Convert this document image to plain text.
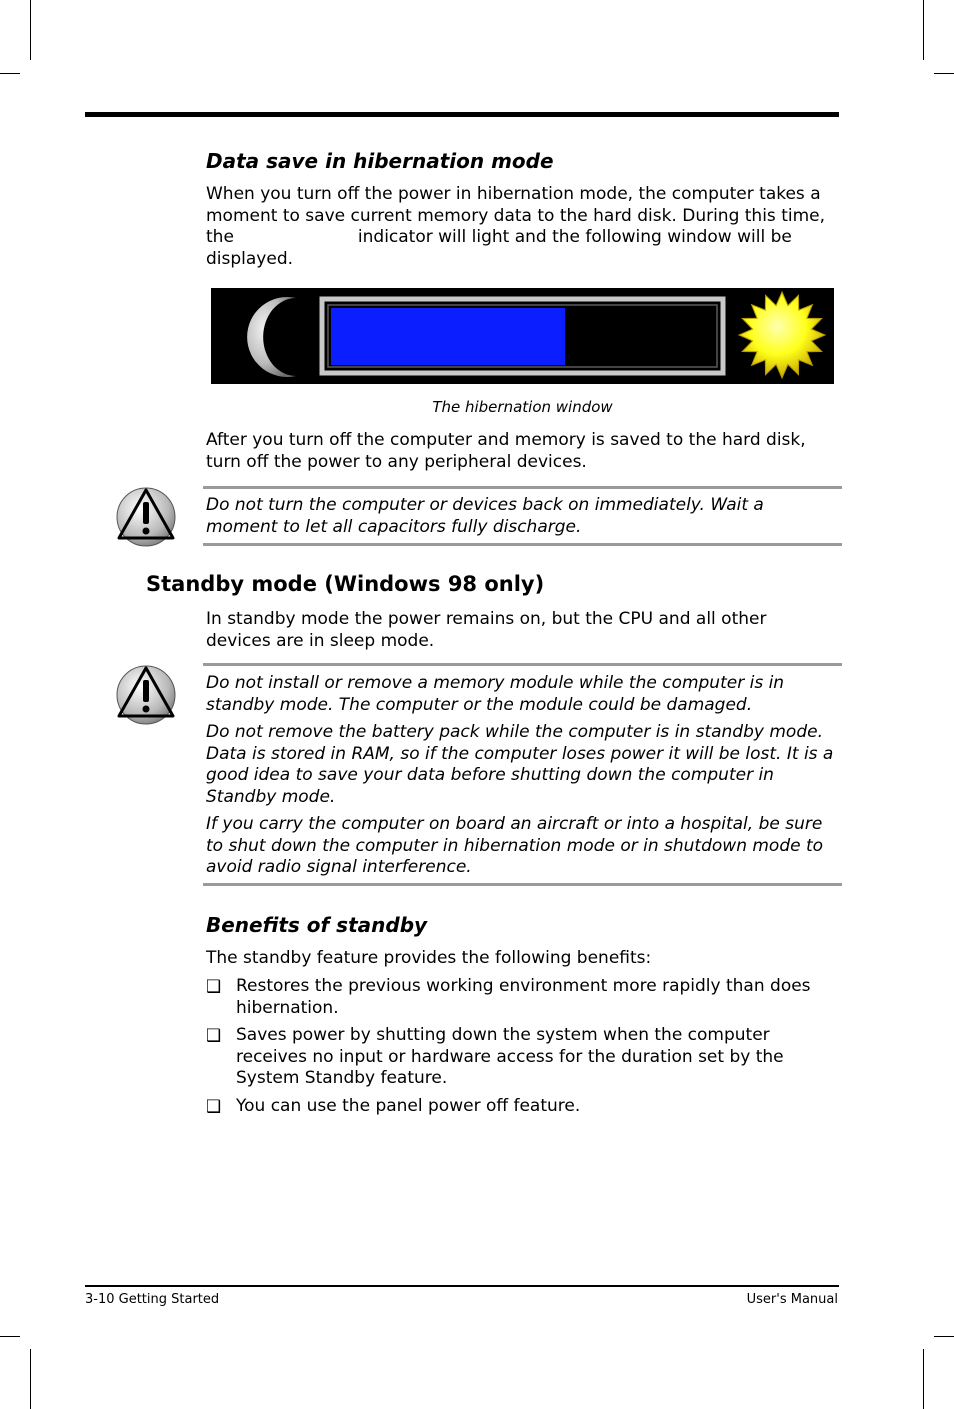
Data save in hibernation mode
When you turn off the power in hibernation mode, the computer takes a
moment to save current memory data to the hard disk. During this time,
the	indicator will light and the following window will be
displayed.
The hibernation window
After you turn off the computer and memory is saved to the hard disk, turn off the power to any peripheral devices.
Do not turn the computer or devices back on immediately. Wait a moment to let all capacitors fully discharge.
Standby mode (Windows 98 only)
In standby mode the power remains on, but the CPU and all other devices are in sleep mode.

Do not install or remove a memory module while the computer is in standby mode. The computer or the module could be damaged.

Do not remove the battery pack while the computer is in standby mode. Data is stored in RAM, so if the computer loses power it will be lost. It is a good idea to save your data before shutting down the computer in Standby mode.

If you carry the computer on board an aircraft or into a hospital, be sure to shut down the computer in hibernation mode or in shutdown mode to avoid radio signal interference.

Benefits of standby
The standby feature provides the following benefits:
❑ Restores the previous working environment more rapidly than does hibernation.
❑ Saves power by shutting down the system when the computer receives no input or hardware access for the duration set by the System Standby feature.
❑ You can use the panel power off feature.
3-10 Getting Started	User's Manual
